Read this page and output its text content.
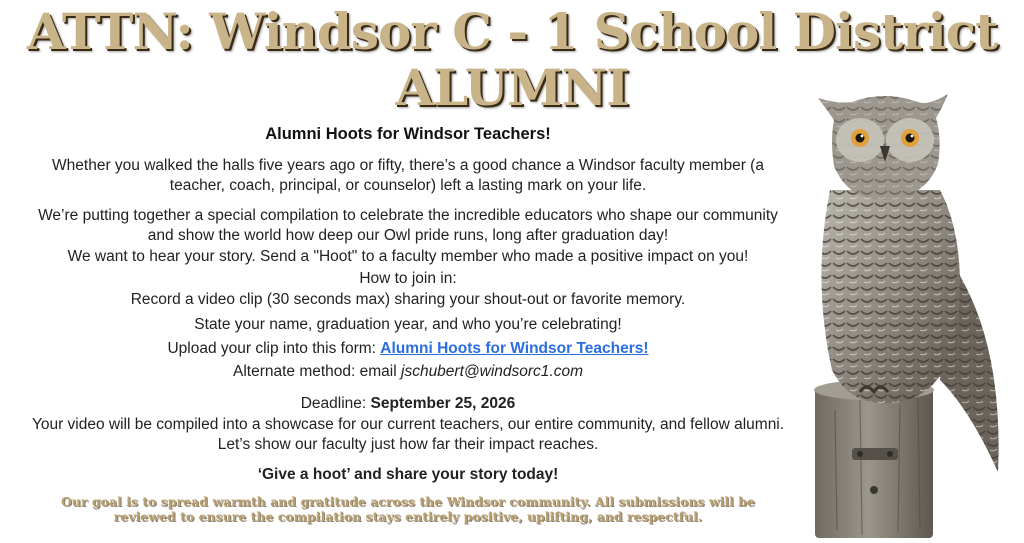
ATTN: Windsor C - 1 School District
ALUMNI
Alumni Hoots for Windsor Teachers!
Whether you walked the halls five years ago or fifty, there’s a good chance a Windsor faculty member (a teacher, coach, principal, or counselor) left a lasting mark on your life.
We’re putting together a special compilation to celebrate the incredible educators who shape our community and show the world how deep our Owl pride runs, long after graduation day!
We want to hear your story. Send a "Hoot" to a faculty member who made a positive impact on you!
How to join in:
Record a video clip (30 seconds max) sharing your shout-out or favorite memory.
State your name, graduation year, and who you’re celebrating!
Upload your clip into this form: Alumni Hoots for Windsor Teachers!
Alternate method: email jschubert@windsorc1.com
Deadline: September 25, 2026
Your video will be compiled into a showcase for our current teachers, our entire community, and fellow alumni. Let’s show our faculty just how far their impact reaches.
‘Give a hoot’ and share your story today!
Our goal is to spread warmth and gratitude across the Windsor community. All submissions will be reviewed to ensure the compilation stays entirely positive, uplifting, and respectful.
